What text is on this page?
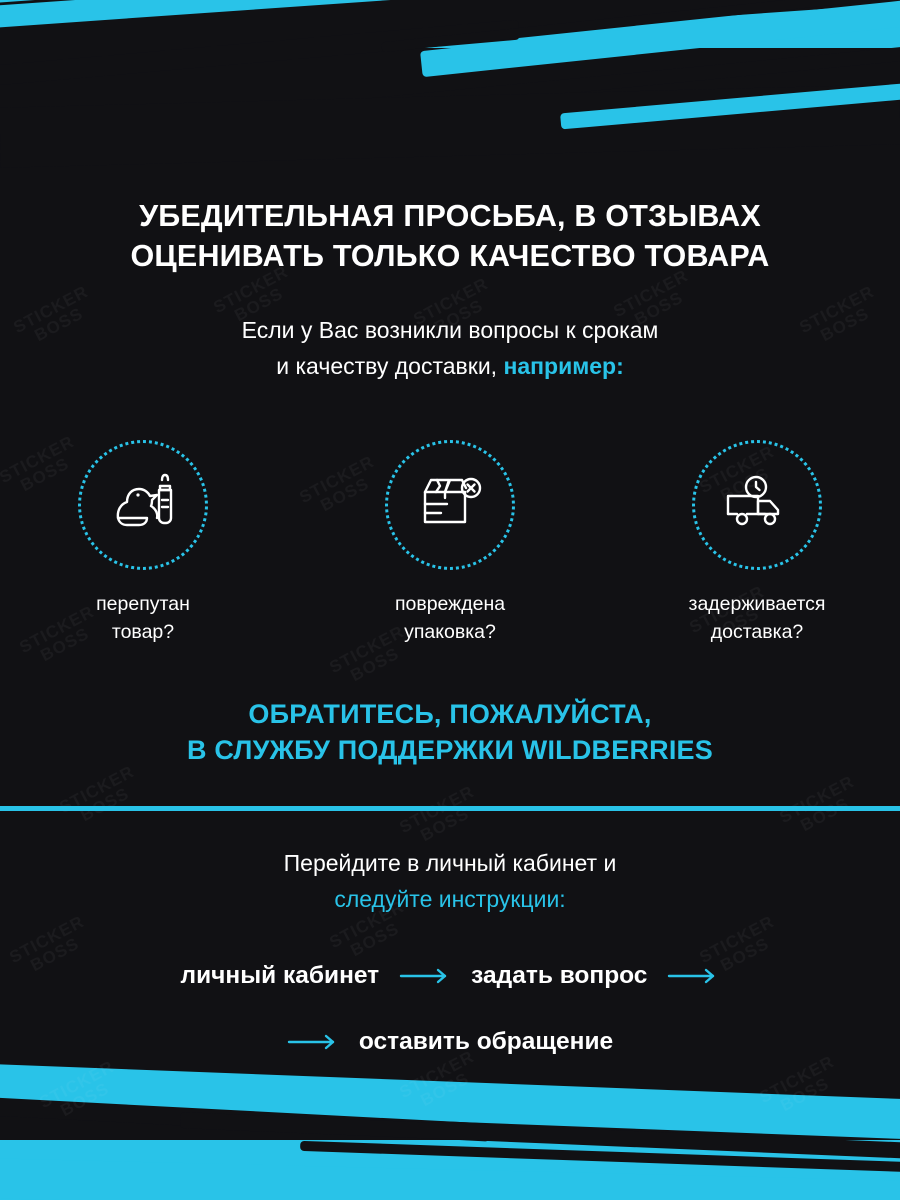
УБЕДИТЕЛЬНАЯ ПРОСЬБА, В ОТЗЫВАХ
ОЦЕНИВАТЬ ТОЛЬКО КАЧЕСТВО ТОВАРА
Если у Вас возникли вопросы к срокам
и качеству доставки, например:
перепутан
товар?
повреждена
упаковка?
задерживается
доставка?
ОБРАТИТЕСЬ, ПОЖАЛУЙСТА,
В СЛУЖБУ ПОДДЕРЖКИ WILDBERRIES
Перейдите в личный кабинет и
следуйте инструкции:
личный кабинет	задать вопрос
оставить обращение
